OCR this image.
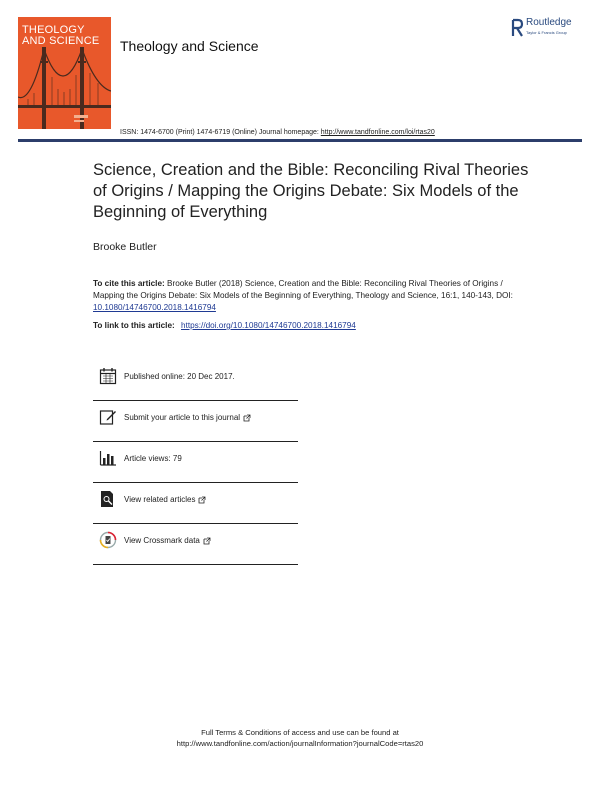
THEOLOGY
AND SCIENCE	Theology and Science
Routledge
Taylor & Francis Group
ISSN: 1474-6700 (Print) 1474-6719 (Online) Journal homepage: http://www.tandfonline.com/loi/rtas20
Science, Creation and the Bible: Reconciling Rival Theories of Origins / Mapping the Origins Debate: Six Models of the Beginning of Everything
Brooke Butler
To cite this article: Brooke Butler (2018) Science, Creation and the Bible: Reconciling Rival Theories of Origins / Mapping the Origins Debate: Six Models of the Beginning of Everything, Theology and Science, 16:1, 140-143, DOI: 10.1080/14746700.2018.1416794
To link to this article: https://doi.org/10.1080/14746700.2018.1416794
Published online: 20 Dec 2017.
Submit your article to this journal
Article views: 79
View related articles
View Crossmark data
Full Terms & Conditions of access and use can be found at
http://www.tandfonline.com/action/journalInformation?journalCode=rtas20
